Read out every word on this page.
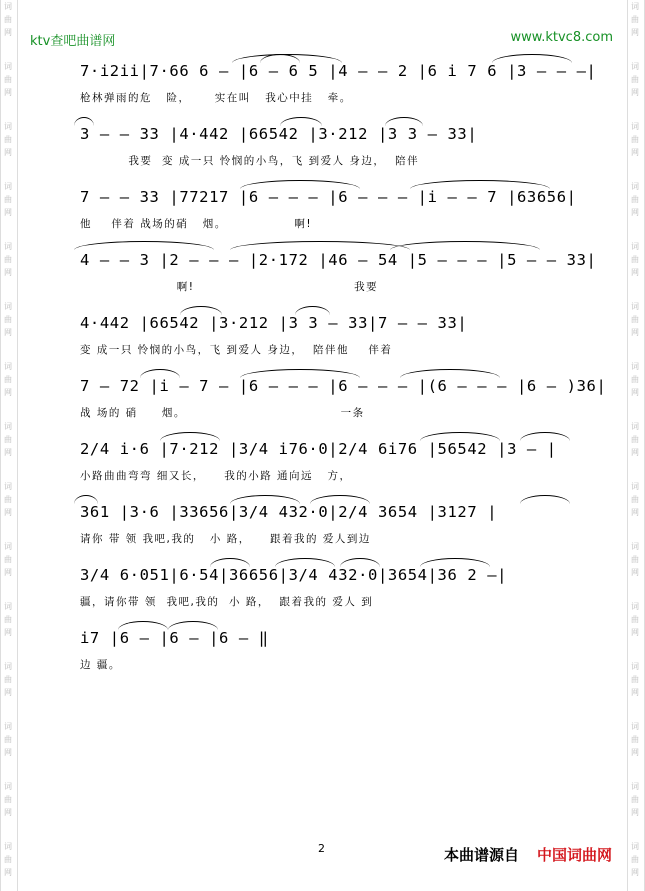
词
曲
网
词
曲
网
词
曲
网
词
曲
网
词
曲
网
词
曲
网
词
曲
网
词
曲
网
词
曲
网
词
曲
网
词
曲
网
词
曲
网
词
曲
网
词
曲
网
词
曲
网
词
曲
网
词
曲
网
词
曲
网
词
曲
网
词
曲
网
词
曲
网
词
曲
网
词
曲
网
词
曲
网
词
曲
网
词
曲
网
词
曲
网
词
曲
网
词
曲
网
词
曲
网
ktv查吧曲谱网	www.ktvc8.com
7·i2ii|7·66 6 — |6 — 6 5 |4 — — 2 |6 i 7 6 |3 — — —|
枪林弹雨的危   险，     实在叫   我心中挂   牵。
3 — — 33 |4·442 |66542 |3·212 |3 3 — 33|
我要  变 成一只 怜悯的小鸟，飞 到爱人 身边，  陪伴
7 — — 33 |77217 |6 — — — |6 — — — |i — — 7 |63656|
他    伴着 战场的硝   烟。              啊!
4 — — 3 |2 — — — |2·172 |46 — 54 |5 — — — |5 — — 33|
啊!                                 我要
4·442 |66542 |3·212 |3 3 — 33|7 — — 33|
变 成一只 怜悯的小鸟，飞 到爱人 身边，  陪伴他    伴着
7 — 72 |i — 7 — |6 — — — |6 — — — |(6 — — — |6 — )36|
战 场的 硝     烟。                                一条
2/4 i·6 |7·212 |3/4 i76·0|2/4 6i76 |56542 |3 — |
小路曲曲弯弯 细又长，    我的小路 通向远   方，
361 |3·6 |33656|3/4 432·0|2/4 3654 |3127 |
请你 带 领 我吧,我的   小 路，    跟着我的 爱人到边
3/4 6·051|6·54|36656|3/4 432·0|3654|36 2 —|
疆，请你带 领  我吧,我的  小 路，  跟着我的 爱人 到
i7 |6 — |6 — |6 — ‖
边 疆。
2	本曲谱源自 中国词曲网
